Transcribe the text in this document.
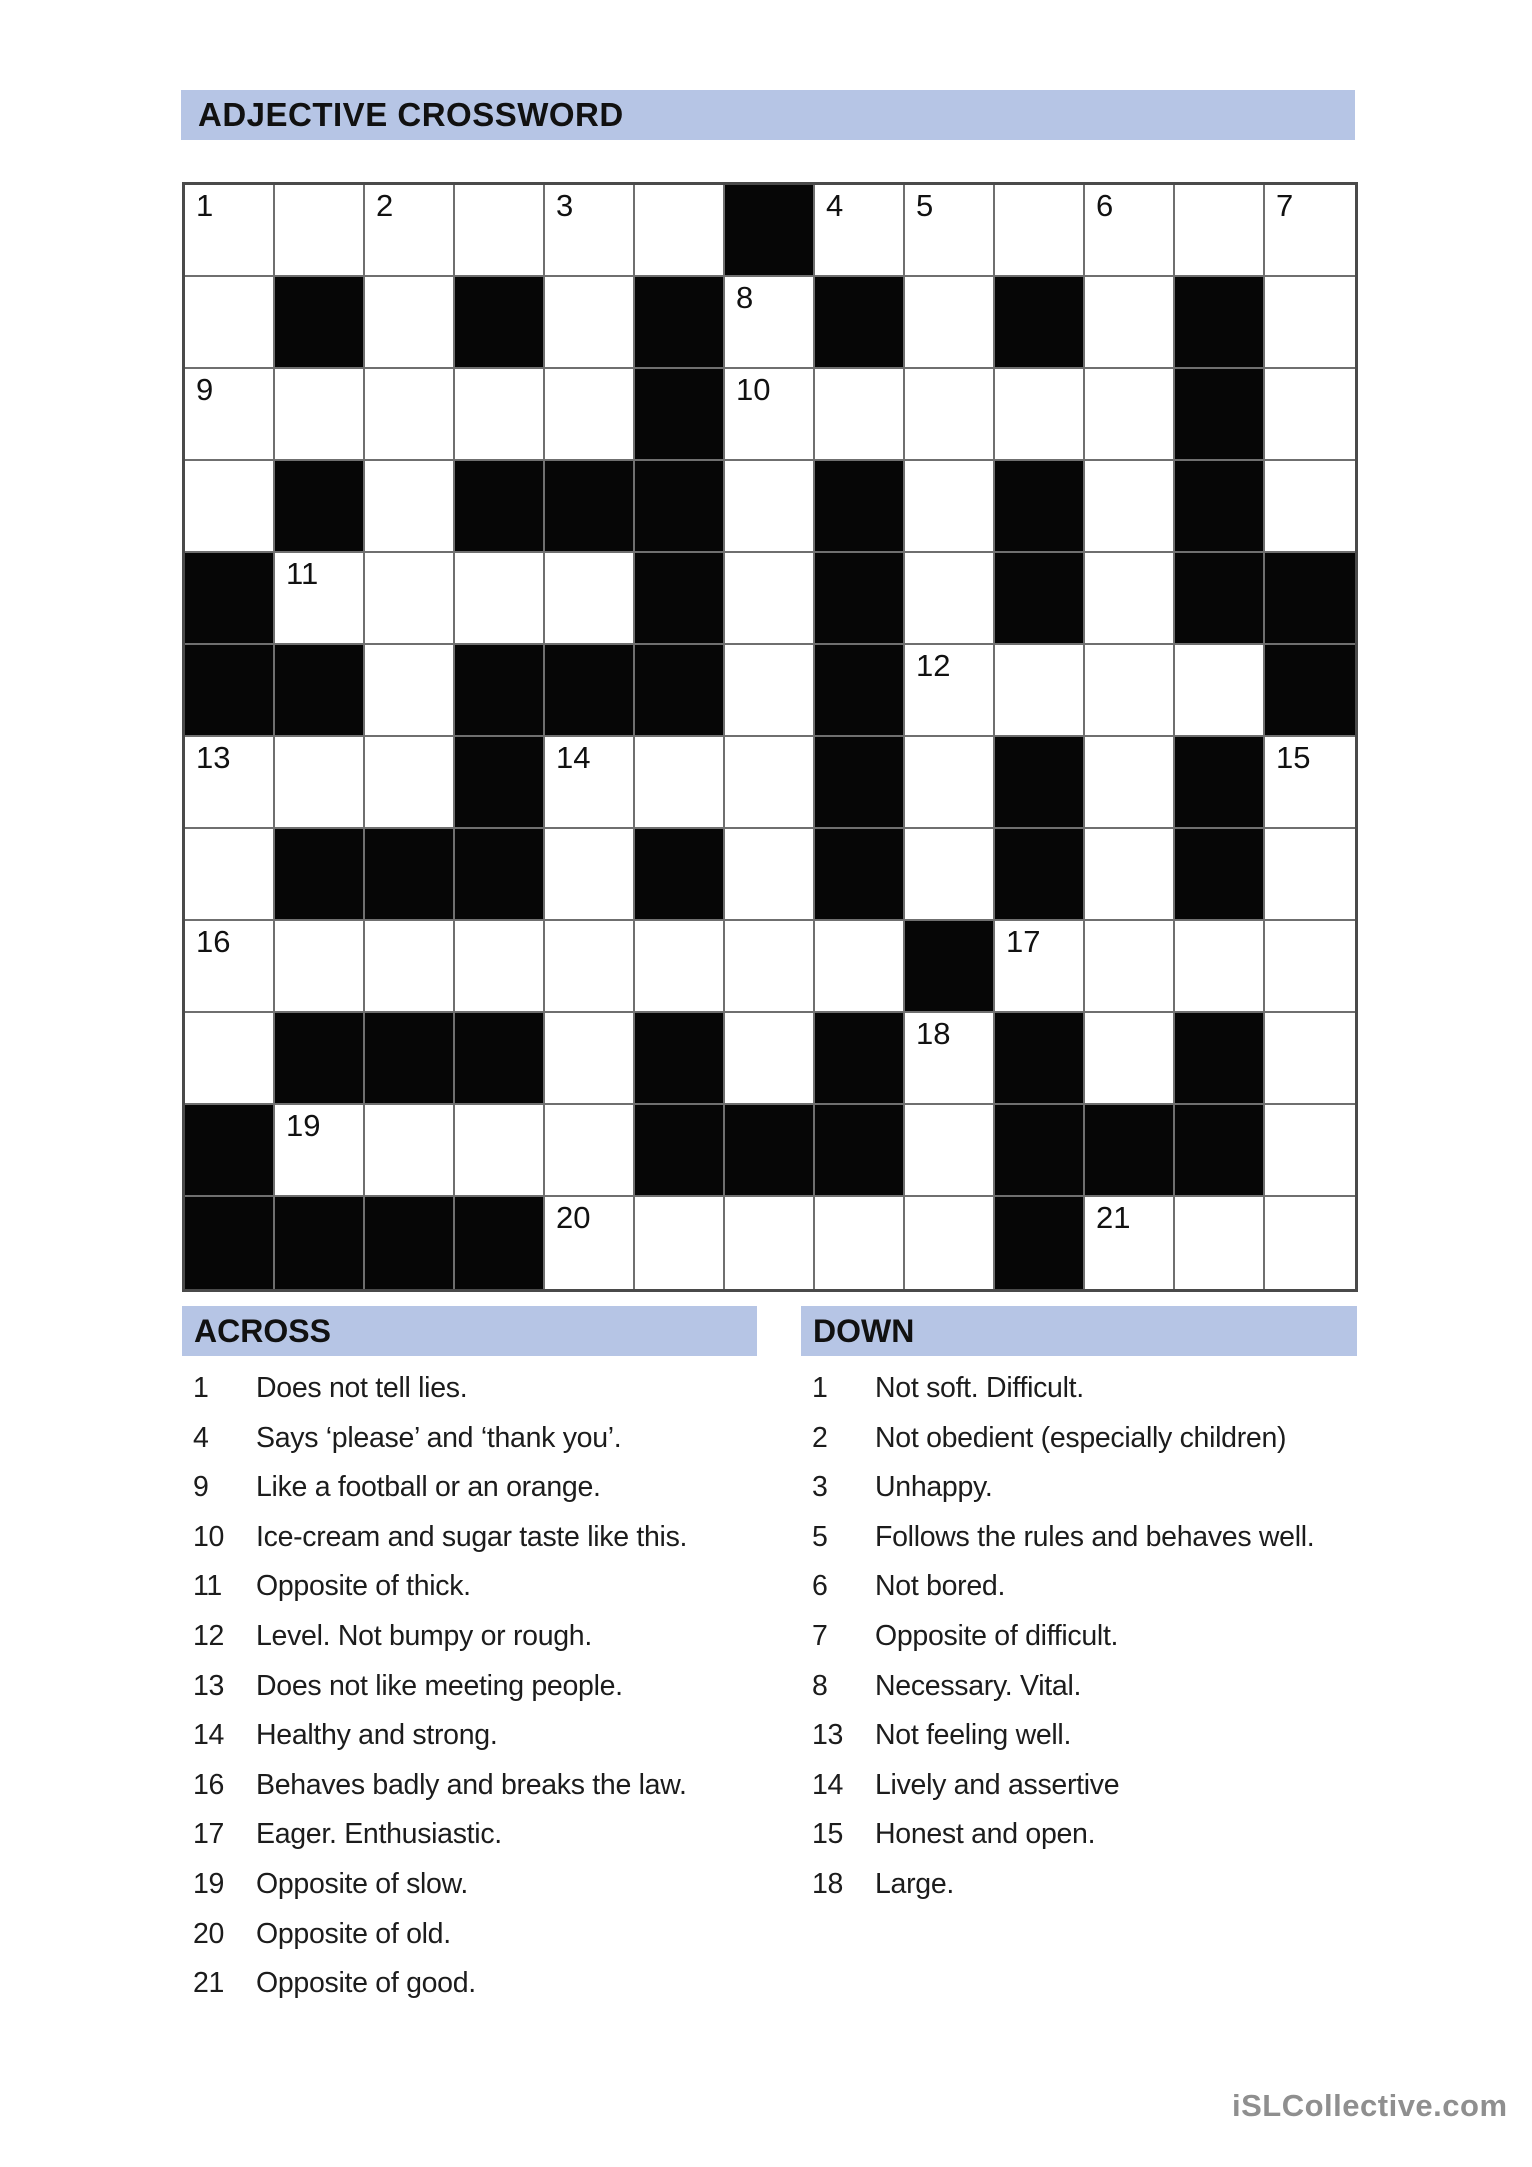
ADJECTIVE CROSSWORD
1	2	3	4 5	6	7
8
9	10
11
12
13	14	15
16	17
18
19
20	21
ACROSS	DOWN
1	Does not tell lies.
4	Says ‘please’ and ‘thank you’.
9	Like a football or an orange.
10	Ice-cream and sugar taste like this.
11	Opposite of thick.
12	Level. Not bumpy or rough.
13	Does not like meeting people.
14	Healthy and strong.
16	Behaves badly and breaks the law.
17	Eager. Enthusiastic.
19	Opposite of slow.
20	Opposite of old.
21	Opposite of good.
1	Not soft. Difficult.
2	Not obedient (especially children)
3	Unhappy.
5	Follows the rules and behaves well.
6	Not bored.
7	Opposite of difficult.
8	Necessary. Vital.
13	Not feeling well.
14	Lively and assertive
15	Honest and open.
18	Large.
iSLCollective.com
